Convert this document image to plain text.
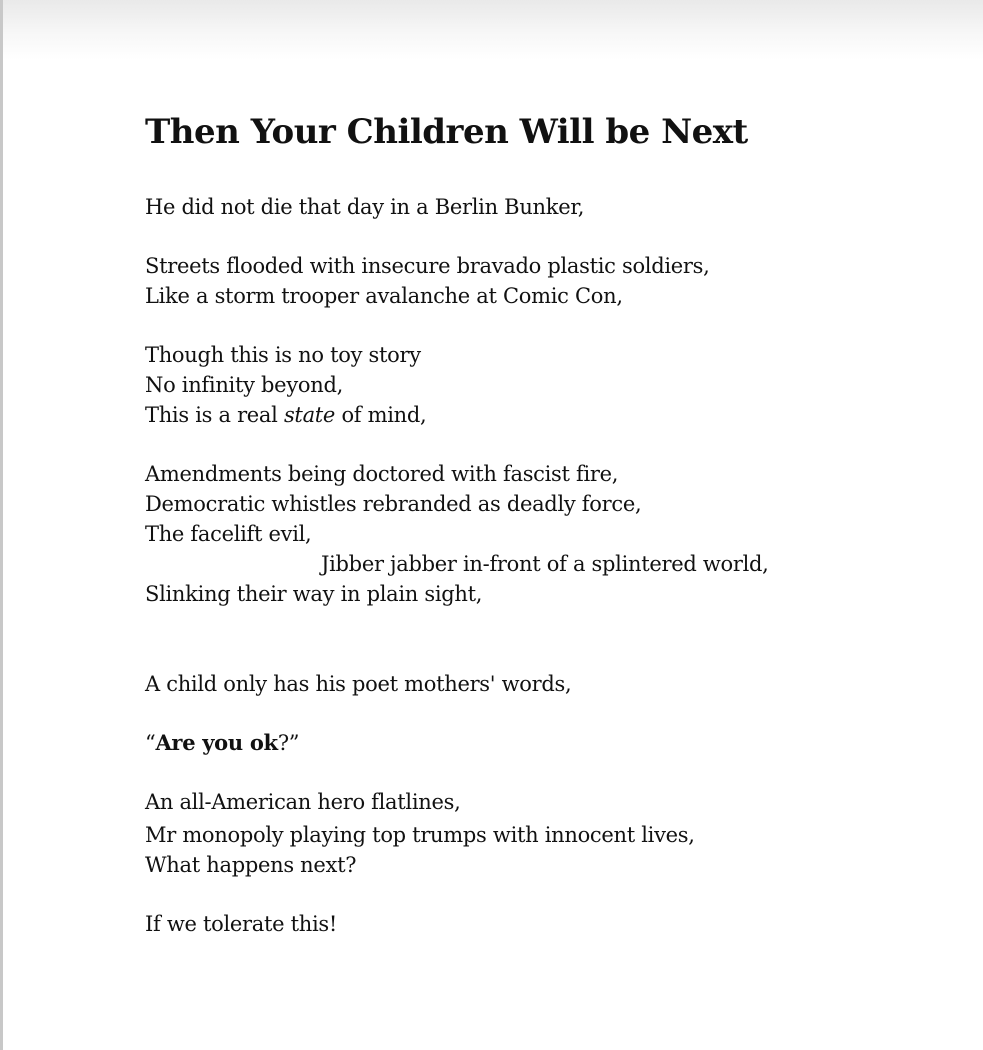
Then Your Children Will be Next
He did not die that day in a Berlin Bunker,
Streets flooded with insecure bravado plastic soldiers,
Like a storm trooper avalanche at Comic Con,
Though this is no toy story
No infinity beyond,
This is a real state of mind,
Amendments being doctored with fascist fire,
Democratic whistles rebranded as deadly force,
The facelift evil,
Jibber jabber in-front of a splintered world,
Slinking their way in plain sight,
A child only has his poet mothers' words,
“Are you ok?”
An all-American hero flatlines,
Mr monopoly playing top trumps with innocent lives,
What happens next?
If we tolerate this!
